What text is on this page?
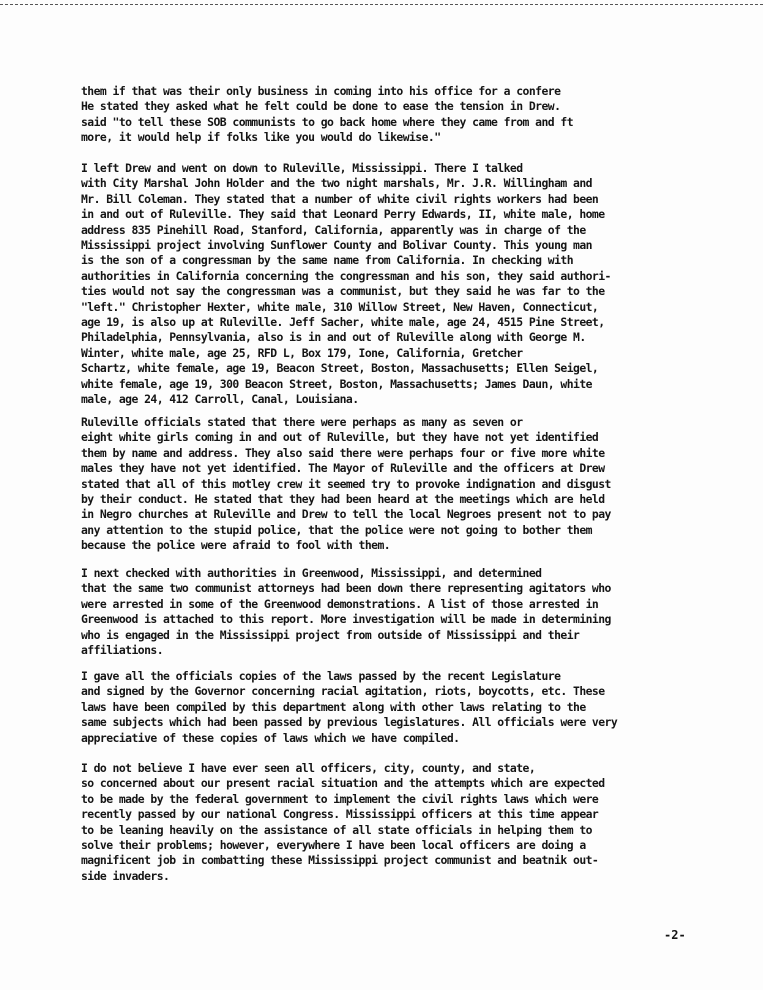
them if that was their only business in coming into his office for a confere
He stated they asked what he felt could be done to ease the tension in Drew.
said "to tell these SOB communists to go back home where they came from and ft
more, it would help if folks like you would do likewise."

I left Drew and went on down to Ruleville, Mississippi. There I talked
with City Marshal John Holder and the two night marshals, Mr. J.R. Willingham and
Mr. Bill Coleman. They stated that a number of white civil rights workers had been
in and out of Ruleville. They said that Leonard Perry Edwards, II, white male, home
address 835 Pinehill Road, Stanford, California, apparently was in charge of the
Mississippi project involving Sunflower County and Bolivar County. This young man
is the son of a congressman by the same name from California. In checking with
authorities in California concerning the congressman and his son, they said authori-
ties would not say the congressman was a communist, but they said he was far to the
"left." Christopher Hexter, white male, 310 Willow Street, New Haven, Connecticut,
age 19, is also up at Ruleville. Jeff Sacher, white male, age 24, 4515 Pine Street,
Philadelphia, Pennsylvania, also is in and out of Ruleville along with George M.
Winter, white male, age 25, RFD L, Box 179, Ione, California, Gretcher
Schartz, white female, age 19, Beacon Street, Boston, Massachusetts; Ellen Seigel,
white female, age 19, 300 Beacon Street, Boston, Massachusetts; James Daun, white
male, age 24, 412 Carroll, Canal, Louisiana.

Ruleville officials stated that there were perhaps as many as seven or
eight white girls coming in and out of Ruleville, but they have not yet identified
them by name and address. They also said there were perhaps four or five more white
males they have not yet identified. The Mayor of Ruleville and the officers at Drew
stated that all of this motley crew it seemed try to provoke indignation and disgust
by their conduct. He stated that they had been heard at the meetings which are held
in Negro churches at Ruleville and Drew to tell the local Negroes present not to pay
any attention to the stupid police, that the police were not going to bother them
because the police were afraid to fool with them.

I next checked with authorities in Greenwood, Mississippi, and determined
that the same two communist attorneys had been down there representing agitators who
were arrested in some of the Greenwood demonstrations. A list of those arrested in
Greenwood is attached to this report. More investigation will be made in determining
who is engaged in the Mississippi project from outside of Mississippi and their
affiliations.

I gave all the officials copies of the laws passed by the recent Legislature
and signed by the Governor concerning racial agitation, riots, boycotts, etc. These
laws have been compiled by this department along with other laws relating to the
same subjects which had been passed by previous legislatures. All officials were very
appreciative of these copies of laws which we have compiled.

I do not believe I have ever seen all officers, city, county, and state,
so concerned about our present racial situation and the attempts which are expected
to be made by the federal government to implement the civil rights laws which were
recently passed by our national Congress. Mississippi officers at this time appear
to be leaning heavily on the assistance of all state officials in helping them to
solve their problems; however, everywhere I have been local officers are doing a
magnificent job in combatting these Mississippi project communist and beatnik out-
side invaders.

-2-
